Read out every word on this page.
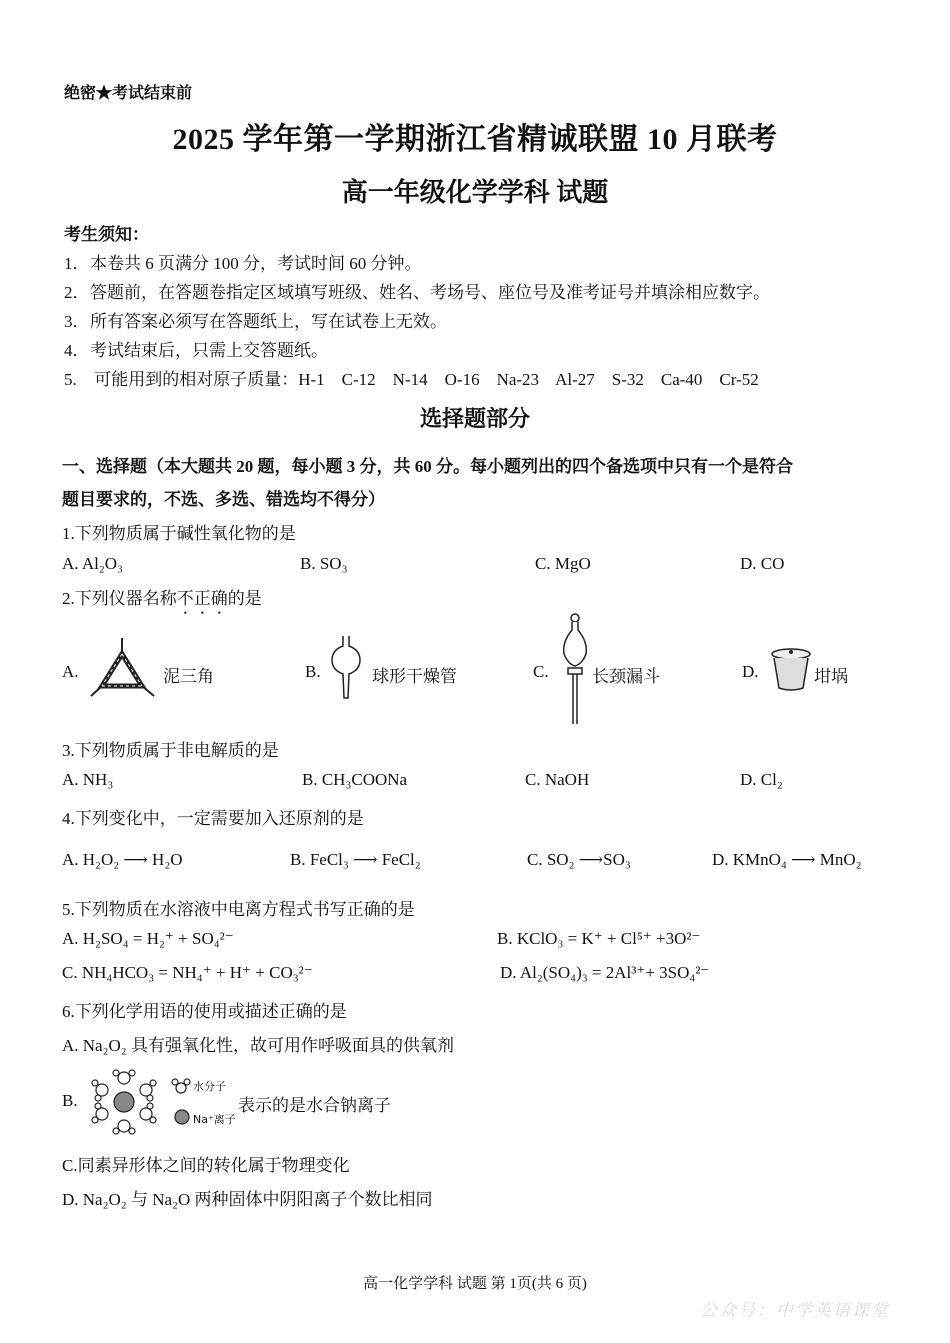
绝密★考试结束前
2025 学年第一学期浙江省精诚联盟 10 月联考
高一年级化学学科 试题
考生须知：
1．本卷共 6 页满分 100 分，考试时间 60 分钟。
2．答题前，在答题卷指定区域填写班级、姓名、考场号、座位号及准考证号并填涂相应数字。
3．所有答案必须写在答题纸上，写在试卷上无效。
4．考试结束后，只需上交答题纸。
5. 可能用到的相对原子质量：H-1    C-12    N-14    O-16    Na-23    Al-27    S-32    Ca-40    Cr-52
选择题部分
一、选择题（本大题共 20 题，每小题 3 分，共 60 分。每小题列出的四个备选项中只有一个是符合
题目要求的，不选、多选、错选均不得分）
1.下列物质属于碱性氧化物的是
A. Al₂O₃	B. SO₃	C. MgO	D. CO
2.下列仪器名称不正确的是
A.	泥三角	B.	球形干燥管	C.	长颈漏斗	D.	坩埚
3.下列物质属于非电解质的是
A. NH₃	B. CH₃COONa	C. NaOH	D. Cl₂
4.下列变化中，一定需要加入还原剂的是
A. H₂O₂ ⟶ H₂O	B. FeCl₃ ⟶ FeCl₂	C. SO₂ ⟶SO₃	D. KMnO₄ ⟶ MnO₂
5.下列物质在水溶液中电离方程式书写正确的是
A. H₂SO₄ = H₂⁺ + SO₄²⁻	B. KClO₃ = K⁺ + Cl⁵⁺ +3O²⁻
C. NH₄HCO₃ = NH₄⁺ + H⁺ + CO₃²⁻	D. Al₂(SO₄)₃ = 2Al³⁺+ 3SO₄²⁻
6.下列化学用语的使用或描述正确的是
A. Na₂O₂ 具有强氧化性，故可用作呼吸面具的供氧剂
B.
水分子
Na⁺离子
表示的是水合钠离子
C.同素异形体之间的转化属于物理变化
D. Na₂O₂ 与 Na₂O 两种固体中阴阳离子个数比相同
高一化学学科 试题 第 1页(共 6 页)
公众号：中学英语课堂
